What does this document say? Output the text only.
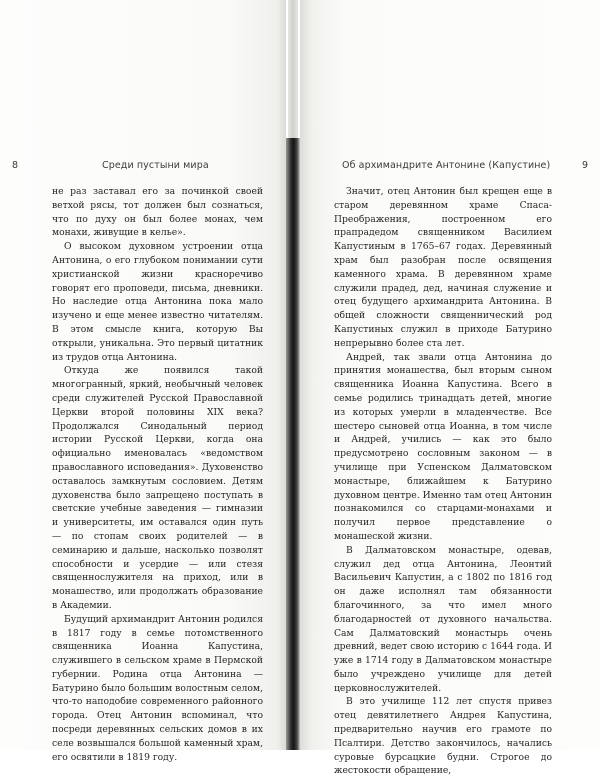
8	Среди пустыни мира

не раз заставал его за починкой своей ветхой рясы, тот должен был сознаться, что по духу он был более монах, чем монахи, живущие в келье».

О высоком духовном устроении отца Антонина, о его глубоком понимании сути христианской жизни красноречиво говорят его проповеди, письма, дневники. Но наследие отца Антонина пока мало изучено и еще менее известно читателям. В этом смысле книга, которую Вы открыли, уникальна. Это первый цитатник из трудов отца Антонина.

Откуда же появился такой многогранный, яркий, необычный человек среди служителей Русской Православной Церкви второй половины XIX века? Продолжался Синодальный период истории Русской Церкви, когда она официально именовалась «ведомством православного исповедания». Духовенство оставалось замкнутым сословием. Детям духовенства было запрещено поступать в светские учебные заведения — гимназии и университеты, им оставался один путь — по стопам своих родителей — в семинарию и дальше, насколько позволят способности и усердие — или стезя священнослужителя на приход, или в монашество, или продолжать образование в Академии.

Будущий архимандрит Антонин родился в 1817 году в семье потомственного священника Иоанна Капустина, служившего в сельском храме в Пермской губернии. Родина отца Антонина — Батурино было большим волостным селом, что-то наподобие современного районного города. Отец Антонин вспоминал, что посреди деревянных сельских домов в их селе возвышался большой каменный храм, его освятили в 1819 году.

Об архимандрите Антонине (Капустине)	9

Значит, отец Антонин был крещен еще в старом деревянном храме Спаса-Преображения, построенном его прапрадедом священником Василием Капустиным в 1765–67 годах. Деревянный храм был разобран после освящения каменного храма. В деревянном храме служили прадед, дед, начиная служение и отец будущего архимандрита Антонина. В общей сложности священнический род Капустиных служил в приходе Батурино непрерывно более ста лет.

Андрей, так звали отца Антонина до принятия монашества, был вторым сыном священника Иоанна Капустина. Всего в семье родились тринадцать детей, многие из которых умерли в младенчестве. Все шестеро сыновей отца Иоанна, в том числе и Андрей, учились — как это было предусмотрено сословным законом — в училище при Успенском Далматовском монастыре, ближайшем к Батурино духовном центре. Именно там отец Антонин познакомился со старцами-монахами и получил первое представление о монашеской жизни.

В Далматовском монастыре, одевав, служил дед отца Антонина, Леонтий Васильевич Капустин, а с 1802 по 1816 год он даже исполнял там обязанности благочинного, за что имел много благодарностей от духовного начальства. Сам Далматовский монастырь очень древний, ведет свою историю с 1644 года. И уже в 1714 году в Далматовском монастыре было учреждено училище для детей церковнослужителей.

В это училище 112 лет спустя привез отец девятилетнего Андрея Капустина, предварительно научив его грамоте по Псалтири. Детство закончилось, начались суровые бурсацкие будни. Строгое до жестокости обращение,
